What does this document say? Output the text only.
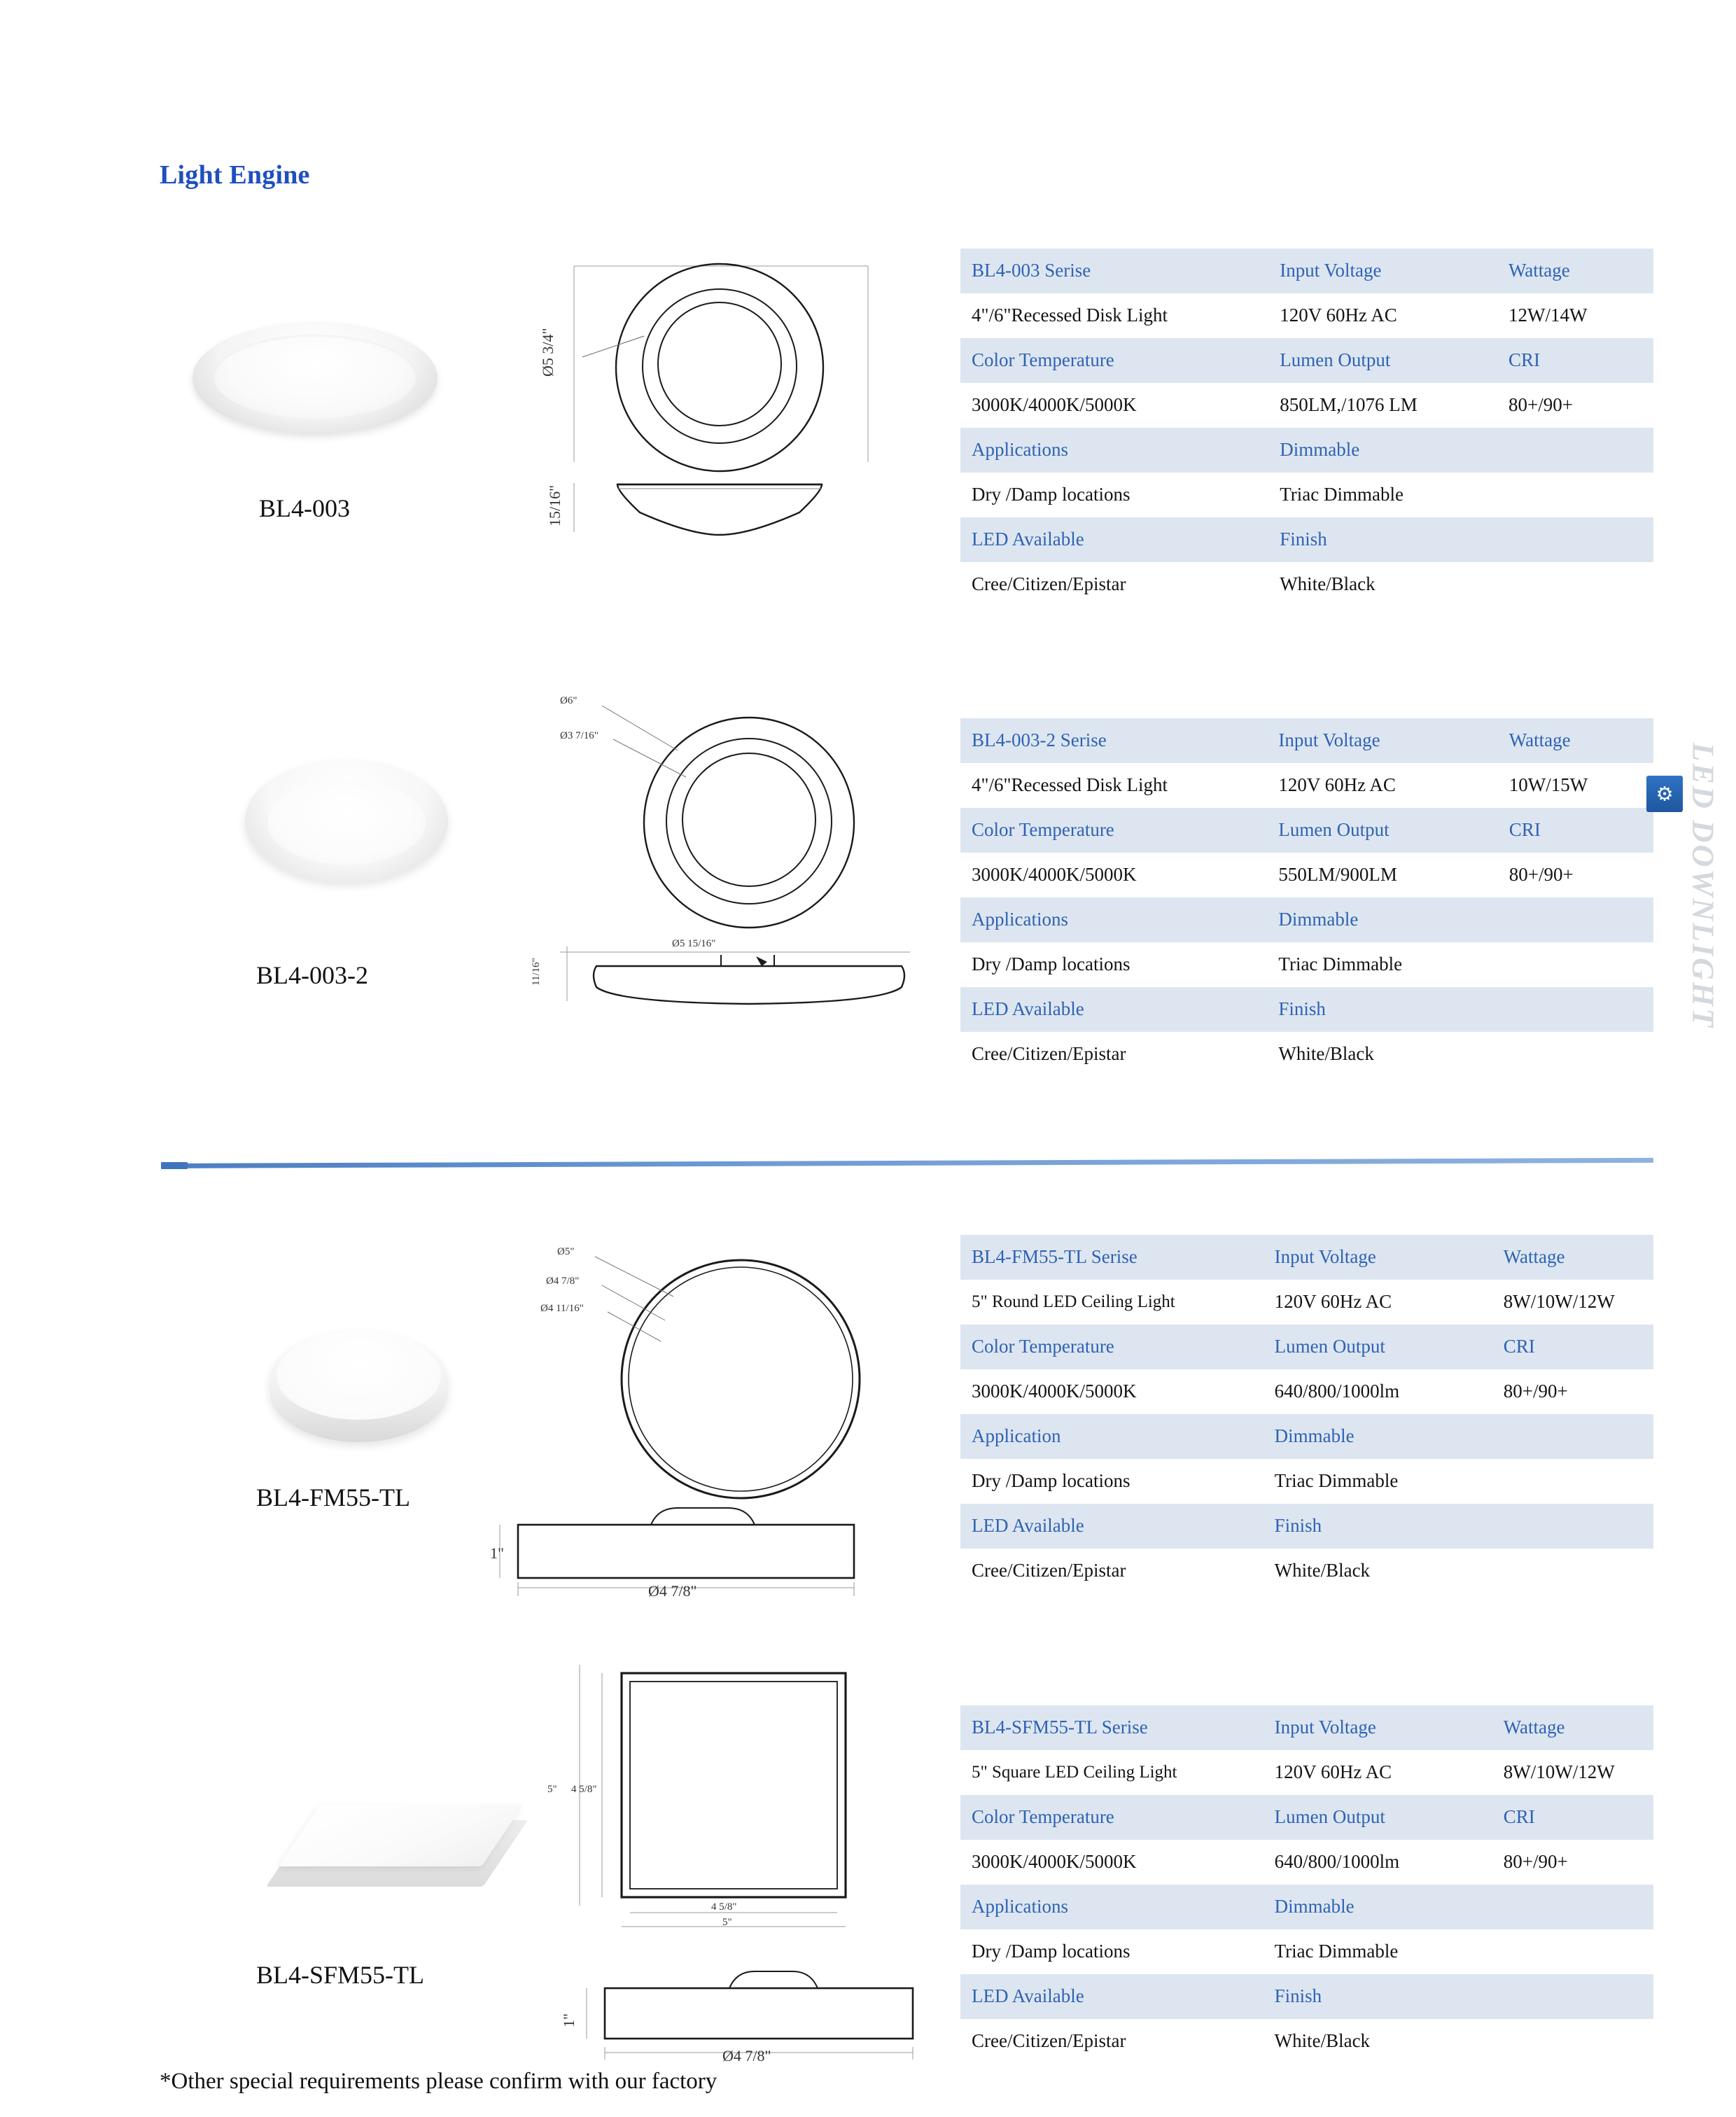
Light Engine
LED DOWNLIGHT
Ø5 3/4"
15/16"
BL4-003
BL4-003 Serise	Input Voltage	Wattage
4"/6"Recessed Disk Light	120V 60Hz AC	12W/14W
Color Temperature	Lumen Output	CRI
3000K/4000K/5000K	850LM,/1076 LM	80+/90+
Applications	Dimmable	
Dry /Damp locations	Triac Dimmable	
LED Available	Finish	
Cree/Citizen/Epistar	White/Black	
Ø6"
Ø3 7/16"
Ø5 15/16"
11/16"
BL4-003-2
BL4-003-2 Serise	Input Voltage	Wattage
4"/6"Recessed Disk Light	120V 60Hz AC	10W/15W
Color Temperature	Lumen Output	CRI
3000K/4000K/5000K	550LM/900LM	80+/90+
Applications	Dimmable	
Dry /Damp locations	Triac Dimmable	
LED Available	Finish	
Cree/Citizen/Epistar	White/Black	
⚙
Ø5"
Ø4 7/8"
Ø4 11/16"
1"
Ø4 7/8"
BL4-FM55-TL
BL4-FM55-TL Serise	Input Voltage	Wattage
5" Round LED Ceiling Light	120V 60Hz AC	8W/10W/12W
Color Temperature	Lumen Output	CRI
3000K/4000K/5000K	640/800/1000lm	80+/90+
Application	Dimmable	
Dry /Damp locations	Triac Dimmable	
LED Available	Finish	
Cree/Citizen/Epistar	White/Black	
5" 4 5/8"
4 5/8"
5"
1"
Ø4 7/8"
BL4-SFM55-TL
BL4-SFM55-TL Serise	Input Voltage	Wattage
5" Square LED Ceiling Light	120V 60Hz AC	8W/10W/12W
Color Temperature	Lumen Output	CRI
3000K/4000K/5000K	640/800/1000lm	80+/90+
Applications	Dimmable	
Dry /Damp locations	Triac Dimmable	
LED Available	Finish	
Cree/Citizen/Epistar	White/Black	
*Other special requirements please confirm with our factory
